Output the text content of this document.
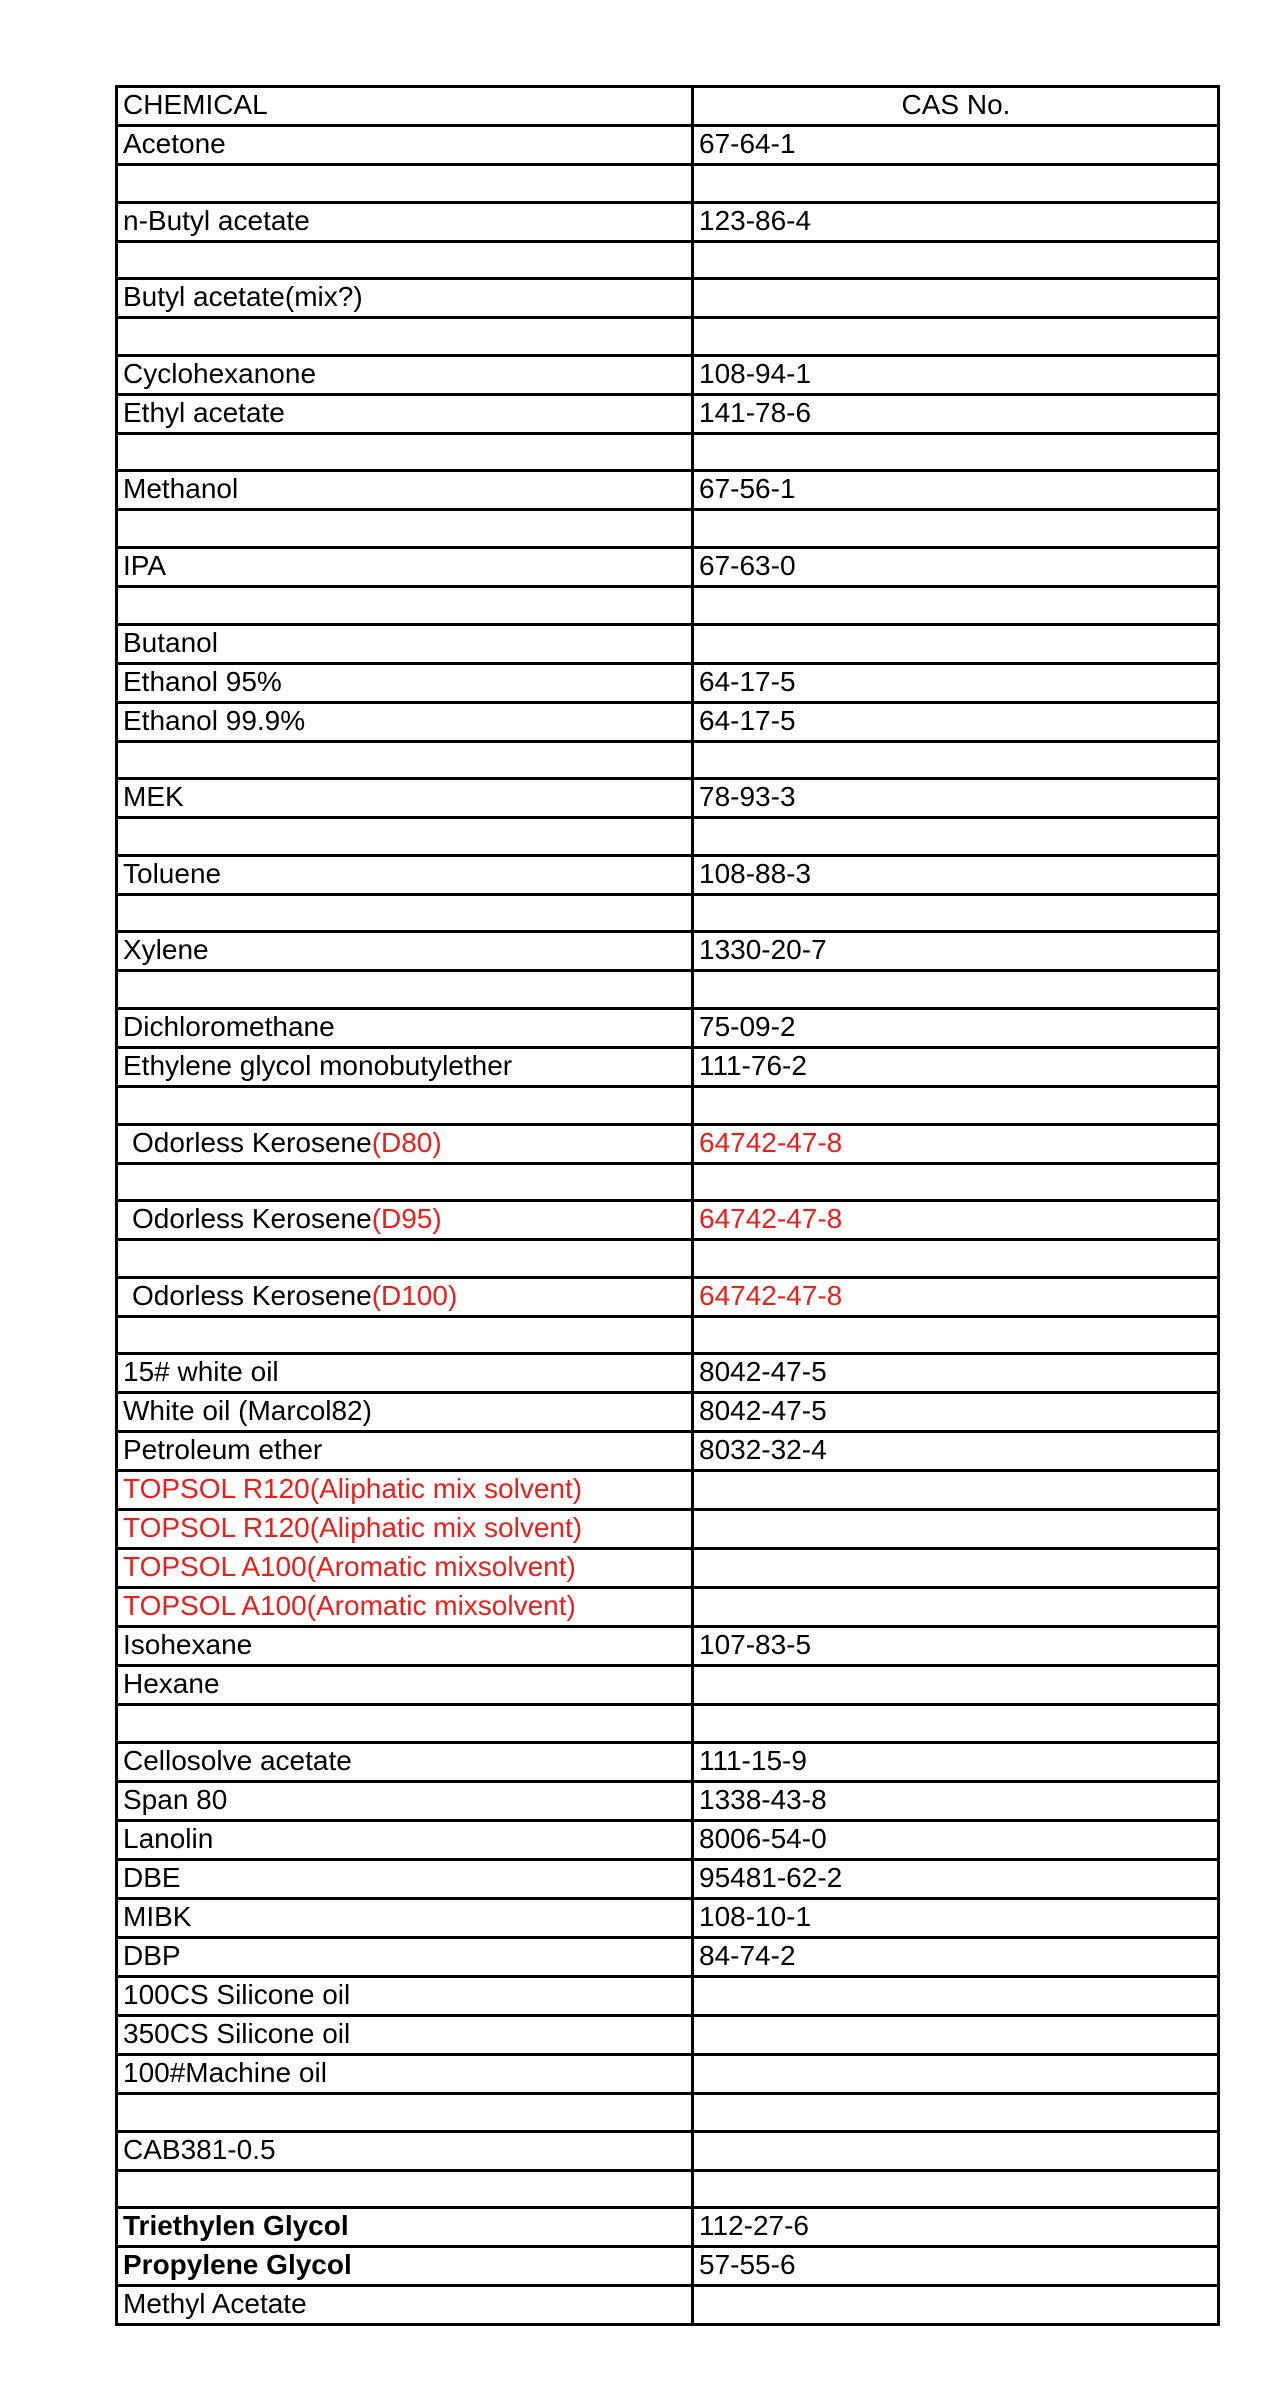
CHEMICAL	CAS No.
Acetone	67-64-1

n-Butyl acetate	123-86-4

Butyl acetate(mix?)	

Cyclohexanone	108-94-1
Ethyl acetate	141-78-6

Methanol	67-56-1

IPA	67-63-0

Butanol	
Ethanol 95%	64-17-5
Ethanol 99.9%	64-17-5

MEK	78-93-3

Toluene	108-88-3

Xylene	1330-20-7

Dichloromethane	75-09-2
Ethylene glycol monobutylether	111-76-2

Odorless Kerosene(D80)	64742-47-8

Odorless Kerosene(D95)	64742-47-8

Odorless Kerosene(D100)	64742-47-8

15# white oil	8042-47-5
White oil (Marcol82)	8042-47-5
Petroleum ether	8032-32-4
TOPSOL R120(Aliphatic mix solvent)	
TOPSOL R120(Aliphatic mix solvent)	
TOPSOL A100(Aromatic mixsolvent)	
TOPSOL A100(Aromatic mixsolvent)	
Isohexane	107-83-5
Hexane	

Cellosolve acetate	111-15-9
Span 80	1338-43-8
Lanolin	8006-54-0
DBE	95481-62-2
MIBK	108-10-1
DBP	84-74-2
100CS Silicone oil	
350CS Silicone oil	
100#Machine oil	

CAB381-0.5	

Triethylen Glycol	112-27-6
Propylene Glycol	57-55-6
Methyl Acetate	
